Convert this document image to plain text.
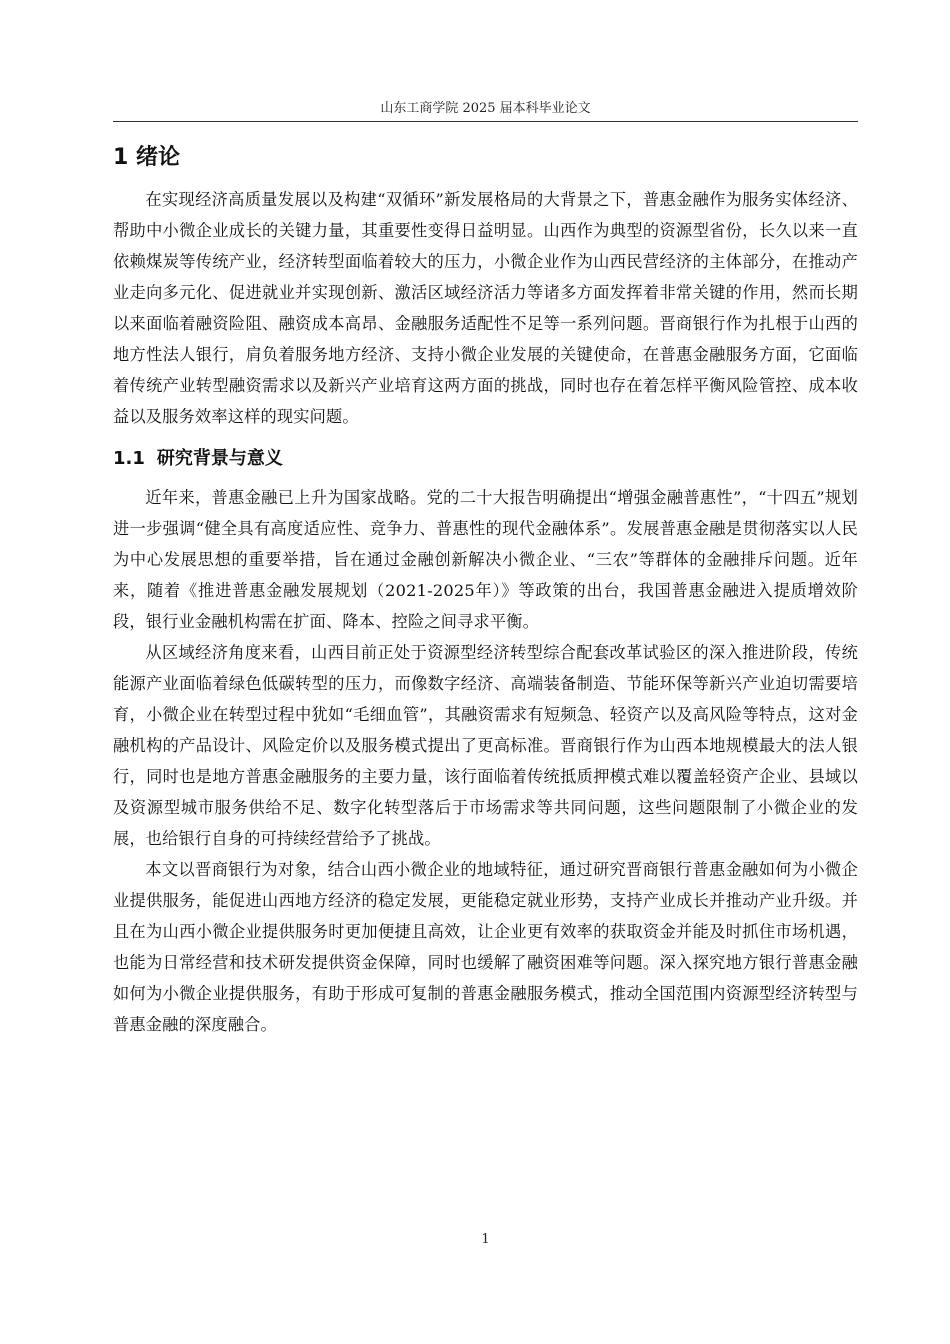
山东工商学院 2025 届本科毕业论文
1 绪论

在实现经济高质量发展以及构建“双循环”新发展格局的大背景之下，普惠金融作为服务实体经济、帮助中小微企业成长的关键力量，其重要性变得日益明显。山西作为典型的资源型省份，长久以来一直依赖煤炭等传统产业，经济转型面临着较大的压力，小微企业作为山西民营经济的主体部分，在推动产业走向多元化、促进就业并实现创新、激活区域经济活力等诸多方面发挥着非常关键的作用，然而长期以来面临着融资险阻、融资成本高昂、金融服务适配性不足等一系列问题。晋商银行作为扎根于山西的地方性法人银行，肩负着服务地方经济、支持小微企业发展的关键使命，在普惠金融服务方面，它面临着传统产业转型融资需求以及新兴产业培育这两方面的挑战，同时也存在着怎样平衡风险管控、成本收益以及服务效率这样的现实问题。

1.1 研究背景与意义

近年来，普惠金融已上升为国家战略。党的二十大报告明确提出“增强金融普惠性”，“十四五”规划进一步强调“健全具有高度适应性、竞争力、普惠性的现代金融体系”。发展普惠金融是贯彻落实以人民为中心发展思想的重要举措，旨在通过金融创新解决小微企业、“三农”等群体的金融排斥问题。近年来，随着《推进普惠金融发展规划（2021-2025年）》等政策的出台，我国普惠金融进入提质增效阶段，银行业金融机构需在扩面、降本、控险之间寻求平衡。

从区域经济角度来看，山西目前正处于资源型经济转型综合配套改革试验区的深入推进阶段，传统能源产业面临着绿色低碳转型的压力，而像数字经济、高端装备制造、节能环保等新兴产业迫切需要培育，小微企业在转型过程中犹如“毛细血管”，其融资需求有短频急、轻资产以及高风险等特点，这对金融机构的产品设计、风险定价以及服务模式提出了更高标准。晋商银行作为山西本地规模最大的法人银行，同时也是地方普惠金融服务的主要力量，该行面临着传统抵质押模式难以覆盖轻资产企业、县域以及资源型城市服务供给不足、数字化转型落后于市场需求等共同问题，这些问题限制了小微企业的发展，也给银行自身的可持续经营给予了挑战。

本文以晋商银行为对象，结合山西小微企业的地域特征，通过研究晋商银行普惠金融如何为小微企业提供服务，能促进山西地方经济的稳定发展，更能稳定就业形势，支持产业成长并推动产业升级。并且在为山西小微企业提供服务时更加便捷且高效，让企业更有效率的获取资金并能及时抓住市场机遇，也能为日常经营和技术研发提供资金保障，同时也缓解了融资困难等问题。深入探究地方银行普惠金融如何为小微企业提供服务，有助于形成可复制的普惠金融服务模式，推动全国范围内资源型经济转型与普惠金融的深度融合。

1
